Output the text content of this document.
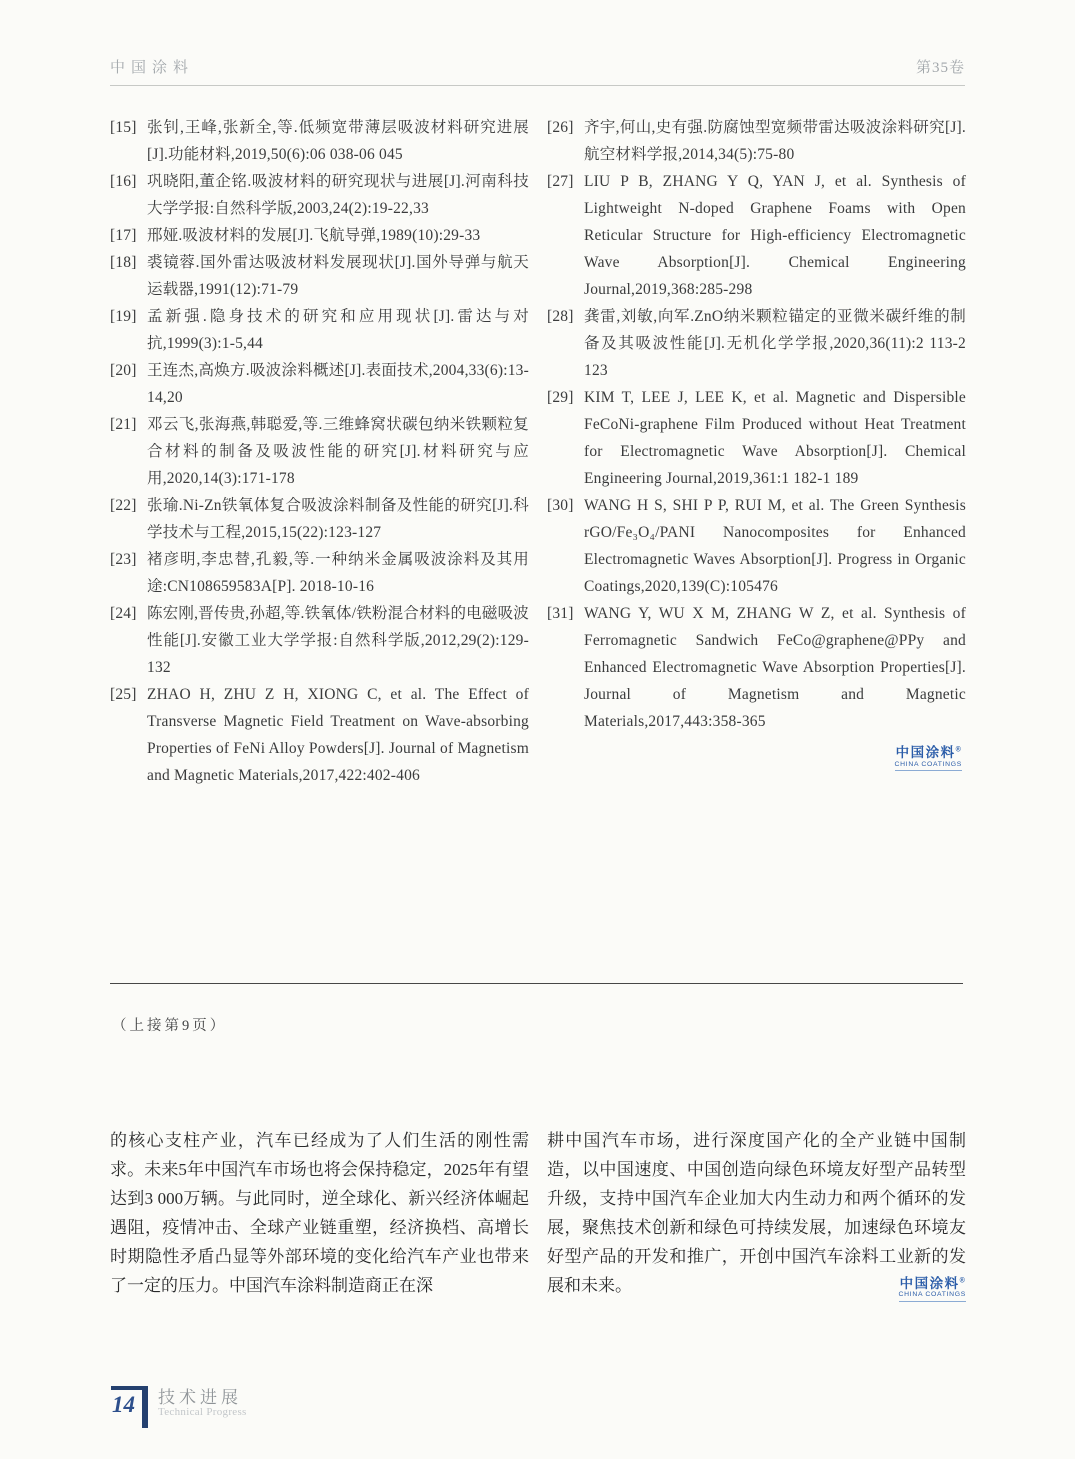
中国涂料	第35卷
[15] 张钊,王峰,张新全,等.低频宽带薄层吸波材料研究进展[J].功能材料,2019,50(6):06 038-06 045
[16] 巩晓阳,董企铭.吸波材料的研究现状与进展[J].河南科技大学学报:自然科学版,2003,24(2):19-22,33
[17] 邢娅.吸波材料的发展[J].飞航导弹,1989(10):29-33
[18] 裘镜蓉.国外雷达吸波材料发展现状[J].国外导弹与航天运载器,1991(12):71-79
[19] 孟新强.隐身技术的研究和应用现状[J].雷达与对抗,1999(3):1-5,44
[20] 王连杰,高焕方.吸波涂料概述[J].表面技术,2004,33(6):13-14,20
[21] 邓云飞,张海燕,韩聪爱,等.三维蜂窝状碳包纳米铁颗粒复合材料的制备及吸波性能的研究[J].材料研究与应用,2020,14(3):171-178
[22] 张瑜.Ni-Zn铁氧体复合吸波涂料制备及性能的研究[J].科学技术与工程,2015,15(22):123-127
[23] 褚彦明,李忠替,孔毅,等.一种纳米金属吸波涂料及其用途:CN108659583A[P]. 2018-10-16
[24] 陈宏刚,晋传贵,孙超,等.铁氧体/铁粉混合材料的电磁吸波性能[J].安徽工业大学学报:自然科学版,2012,29(2):129-132
[25] ZHAO H, ZHU Z H, XIONG C, et al. The Effect of Transverse Magnetic Field Treatment on Wave-absorbing Properties of FeNi Alloy Powders[J]. Journal of Magnetism and Magnetic Materials,2017,422:402-406
[26] 齐宇,何山,史有强.防腐蚀型宽频带雷达吸波涂料研究[J].航空材料学报,2014,34(5):75-80
[27] LIU P B, ZHANG Y Q, YAN J, et al. Synthesis of Lightweight N-doped Graphene Foams with Open Reticular Structure for High-efficiency Electromagnetic Wave Absorption[J]. Chemical Engineering Journal,2019,368:285-298
[28] 龚雷,刘敏,向军.ZnO纳米颗粒锚定的亚微米碳纤维的制备及其吸波性能[J].无机化学学报,2020,36(11):2 113-2 123
[29] KIM T, LEE J, LEE K, et al. Magnetic and Dispersible FeCoNi-graphene Film Produced without Heat Treatment for Electromagnetic Wave Absorption[J]. Chemical Engineering Journal,2019,361:1 182-1 189
[30] WANG H S, SHI P P, RUI M, et al. The Green Synthesis rGO/Fe₃O₄/PANI Nanocomposites for Enhanced Electromagnetic Waves Absorption[J]. Progress in Organic Coatings,2020,139(C):105476
[31] WANG Y, WU X M, ZHANG W Z, et al. Synthesis of Ferromagnetic Sandwich FeCo@graphene@PPy and Enhanced Electromagnetic Wave Absorption Properties[J]. Journal of Magnetism and Magnetic Materials,2017,443:358-365
中国涂料®
CHINA COATINGS
（上接第9页）

的核心支柱产业，汽车已经成为了人们生活的刚性需求。未来5年中国汽车市场也将会保持稳定，2025年有望达到3 000万辆。与此同时，逆全球化、新兴经济体崛起遇阻，疫情冲击、全球产业链重塑，经济换档、高增长时期隐性矛盾凸显等外部环境的变化给汽车产业也带来了一定的压力。中国汽车涂料制造商正在深

耕中国汽车市场，进行深度国产化的全产业链中国制造，以中国速度、中国创造向绿色环境友好型产品转型升级，支持中国汽车企业加大内生动力和两个循环的发展，聚焦技术创新和绿色可持续发展，加速绿色环境友好型产品的开发和推广，开创中国汽车涂料工业新的发展和未来。	中国涂料®
CHINA COATINGS
14 技术进展
Technical Progress
